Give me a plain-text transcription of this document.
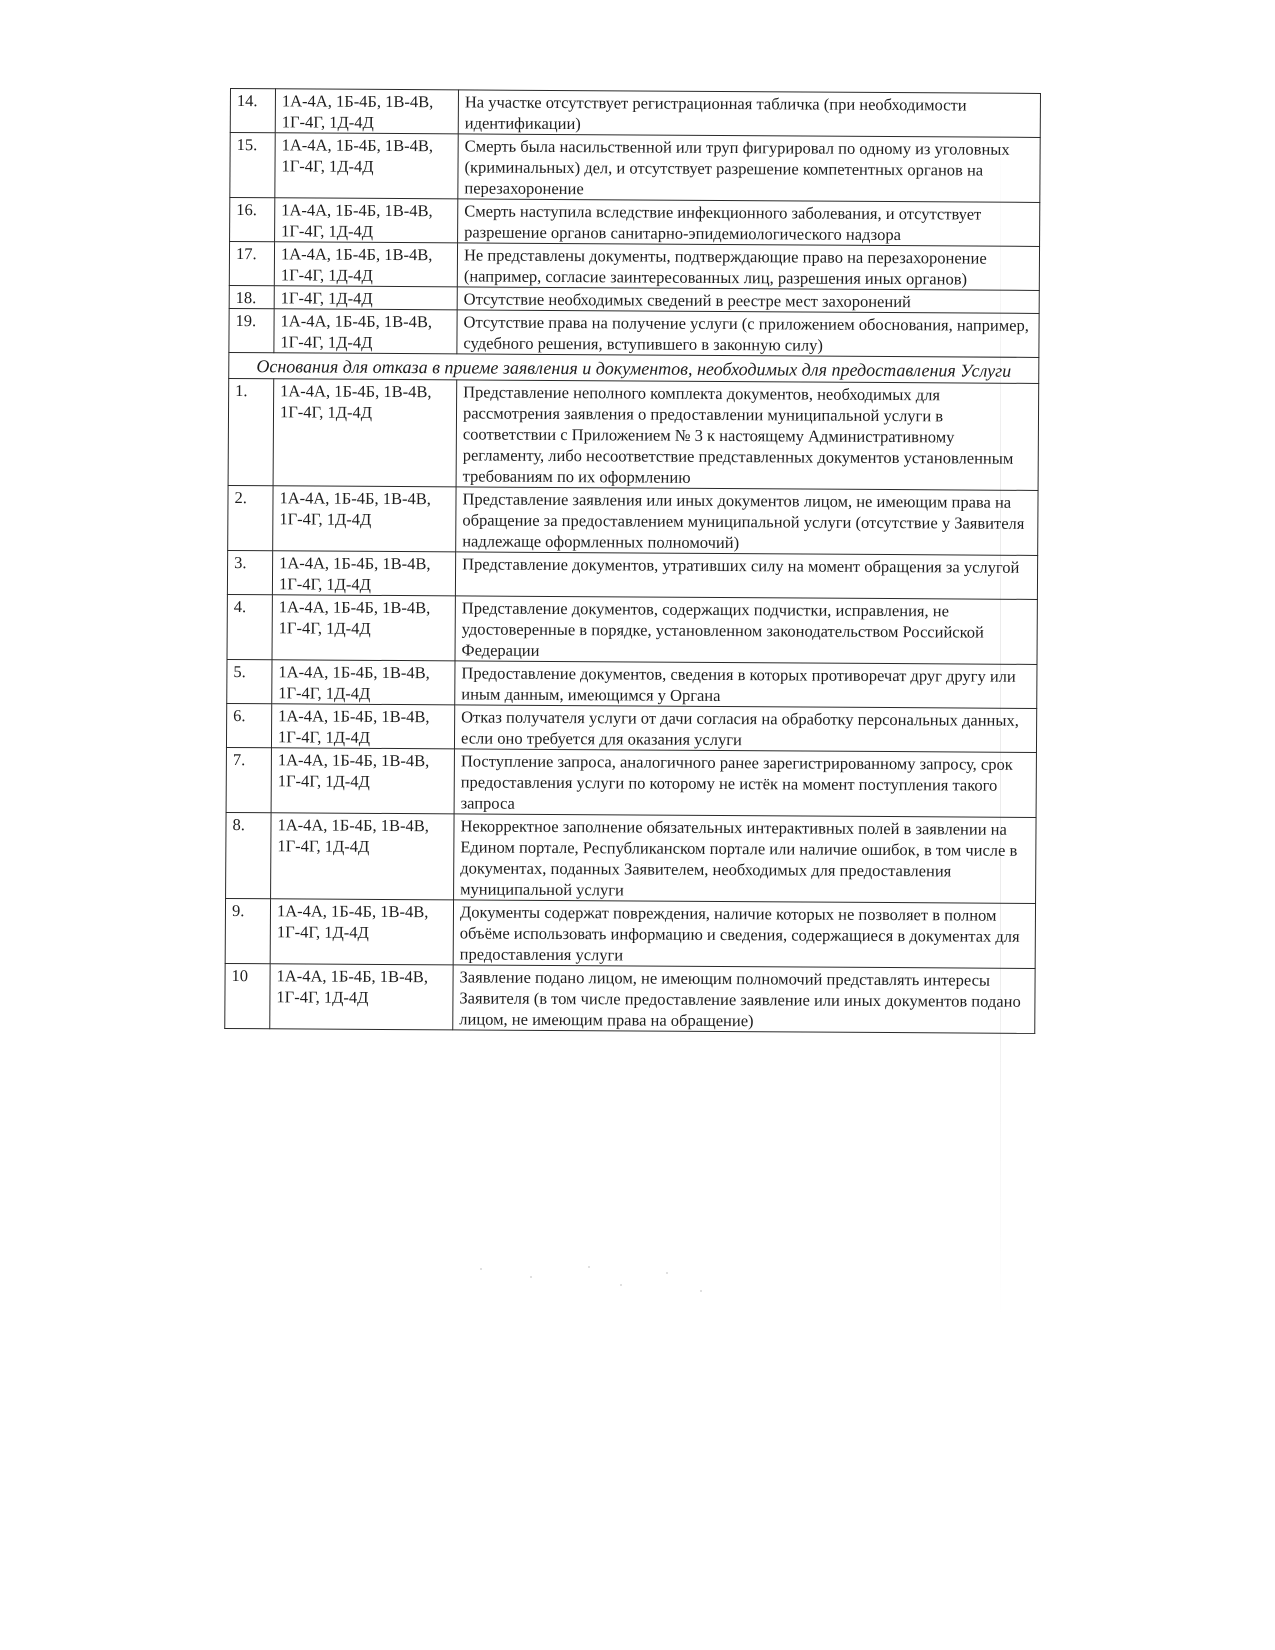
14.	1А-4А, 1Б-4Б, 1В-4В, 1Г-4Г, 1Д-4Д	На участке отсутствует регистрационная табличка (при необходимости идентификации)
15.	1А-4А, 1Б-4Б, 1В-4В, 1Г-4Г, 1Д-4Д	Смерть была насильственной или труп фигурировал по одному из уголовных (криминальных) дел, и отсутствует разрешение компетентных органов на перезахоронение
16.	1А-4А, 1Б-4Б, 1В-4В, 1Г-4Г, 1Д-4Д	Смерть наступила вследствие инфекционного заболевания, и отсутствует разрешение органов санитарно-эпидемиологического надзора
17.	1А-4А, 1Б-4Б, 1В-4В, 1Г-4Г, 1Д-4Д	Не представлены документы, подтверждающие право на перезахоронение (например, согласие заинтересованных лиц, разрешения иных органов)
18.	1Г-4Г, 1Д-4Д	Отсутствие необходимых сведений в реестре мест захоронений
19.	1А-4А, 1Б-4Б, 1В-4В, 1Г-4Г, 1Д-4Д	Отсутствие права на получение услуги (с приложением обоснования, например, судебного решения, вступившего в законную силу)
Основания для отказа в приеме заявления и документов, необходимых для предоставления Услуги		
1.	1А-4А, 1Б-4Б, 1В-4В, 1Г-4Г, 1Д-4Д	Представление неполного комплекта документов, необходимых для рассмотрения заявления о предоставлении муниципальной услуги в соответствии с Приложением № 3 к настоящему Административному регламенту, либо несоответствие представленных документов установленным требованиям по их оформлению
2.	1А-4А, 1Б-4Б, 1В-4В, 1Г-4Г, 1Д-4Д	Представление заявления или иных документов лицом, не имеющим права на обращение за предоставлением муниципальной услуги (отсутствие у Заявителя надлежаще оформленных полномочий)
3.	1А-4А, 1Б-4Б, 1В-4В, 1Г-4Г, 1Д-4Д	Представление документов, утративших силу на момент обращения за услугой
4.	1А-4А, 1Б-4Б, 1В-4В, 1Г-4Г, 1Д-4Д	Представление документов, содержащих подчистки, исправления, не удостоверенные в порядке, установленном законодательством Российской Федерации
5.	1А-4А, 1Б-4Б, 1В-4В, 1Г-4Г, 1Д-4Д	Предоставление документов, сведения в которых противоречат друг другу или иным данным, имеющимся у Органа
6.	1А-4А, 1Б-4Б, 1В-4В, 1Г-4Г, 1Д-4Д	Отказ получателя услуги от дачи согласия на обработку персональных данных, если оно требуется для оказания услуги
7.	1А-4А, 1Б-4Б, 1В-4В, 1Г-4Г, 1Д-4Д	Поступление запроса, аналогичного ранее зарегистрированному запросу, срок предоставления услуги по которому не истёк на момент поступления такого запроса
8.	1А-4А, 1Б-4Б, 1В-4В, 1Г-4Г, 1Д-4Д	Некорректное заполнение обязательных интерактивных полей в заявлении на Едином портале, Республиканском портале или наличие ошибок, в том числе в документах, поданных Заявителем, необходимых для предоставления муниципальной услуги
9.	1А-4А, 1Б-4Б, 1В-4В, 1Г-4Г, 1Д-4Д	Документы содержат повреждения, наличие которых не позволяет в полном объёме использовать информацию и сведения, содержащиеся в документах для предоставления услуги
10	1А-4А, 1Б-4Б, 1В-4В, 1Г-4Г, 1Д-4Д	Заявление подано лицом, не имеющим полномочий представлять интересы Заявителя (в том числе предоставление заявление или иных документов подано лицом, не имеющим права на обращение)
